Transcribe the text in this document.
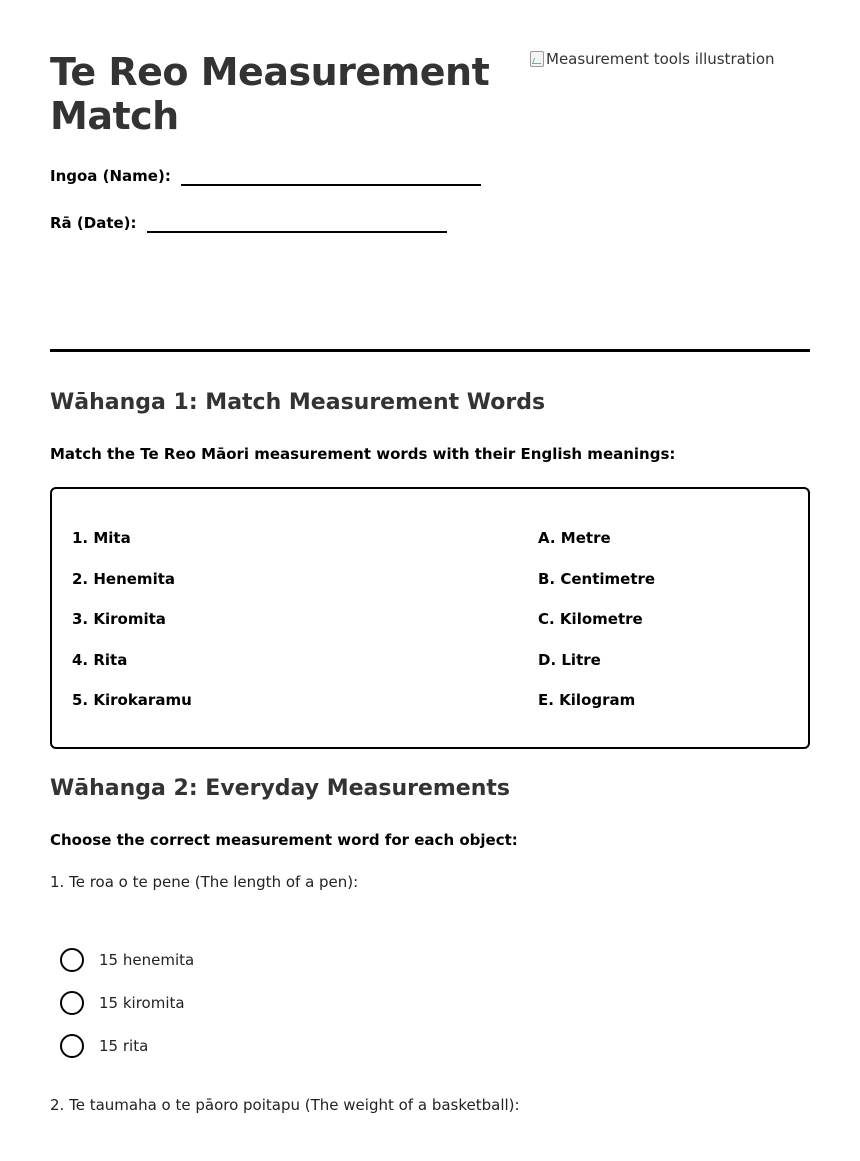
Te Reo Measurement Match
Ingoa (Name):
Rā (Date):
Measurement tools illustration
Wāhanga 1: Match Measurement Words
Match the Te Reo Māori measurement words with their English meanings:
1. Mita
2. Henemita
3. Kiromita
4. Rita
5. Kirokaramu
A. Metre
B. Centimetre
C. Kilometre
D. Litre
E. Kilogram
Wāhanga 2: Everyday Measurements
Choose the correct measurement word for each object:
1. Te roa o te pene (The length of a pen):
15 henemita
15 kiromita
15 rita
2. Te taumaha o te pāoro poitapu (The weight of a basketball):
